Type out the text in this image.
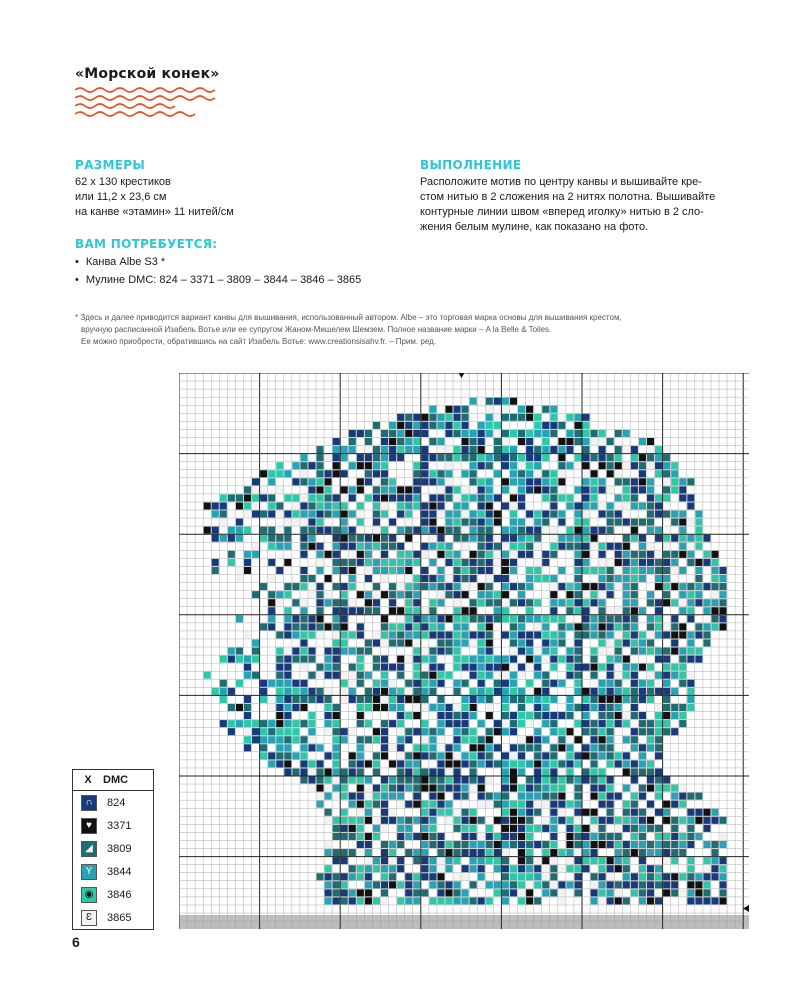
«Морской конек»
РАЗМЕРЫ
62 х 130 крестиков
или 11,2 х 23,6 см
на канве «этамин» 11 нитей/см
ВЫПОЛНЕНИЕ
Расположите мотив по центру канвы и вышивайте кре-
стом нитью в 2 сложения на 2 нитях полотна. Вышивайте
контурные линии швом «вперед иголку» нитью в 2 сло-
жения белым мулине, как показано на фото.
ВАМ ПОТРЕБУЕТСЯ:
• Канва Albe S3 *
• Мулине DMC: 824 – 3371 – 3809 – 3844 – 3846 – 3865
* Здесь и далее приводится вариант канвы для вышивания, использованный автором. Albe – это торговая марка основы для вышивания крестом,
вручную расписанной Изабель Вотье или ее супругом Жаном-Мишелем Шемзем. Полное название марки – A la Belle & Toiles.
Ее можно приобрести, обратившись на сайт Изабель Вотье: www.creationsisahv.fr. – Прим. ред.
X	DMC
∩	824
♥	3371
◢	3809
Y	3844
◉	3846
Ɛ	3865
6
